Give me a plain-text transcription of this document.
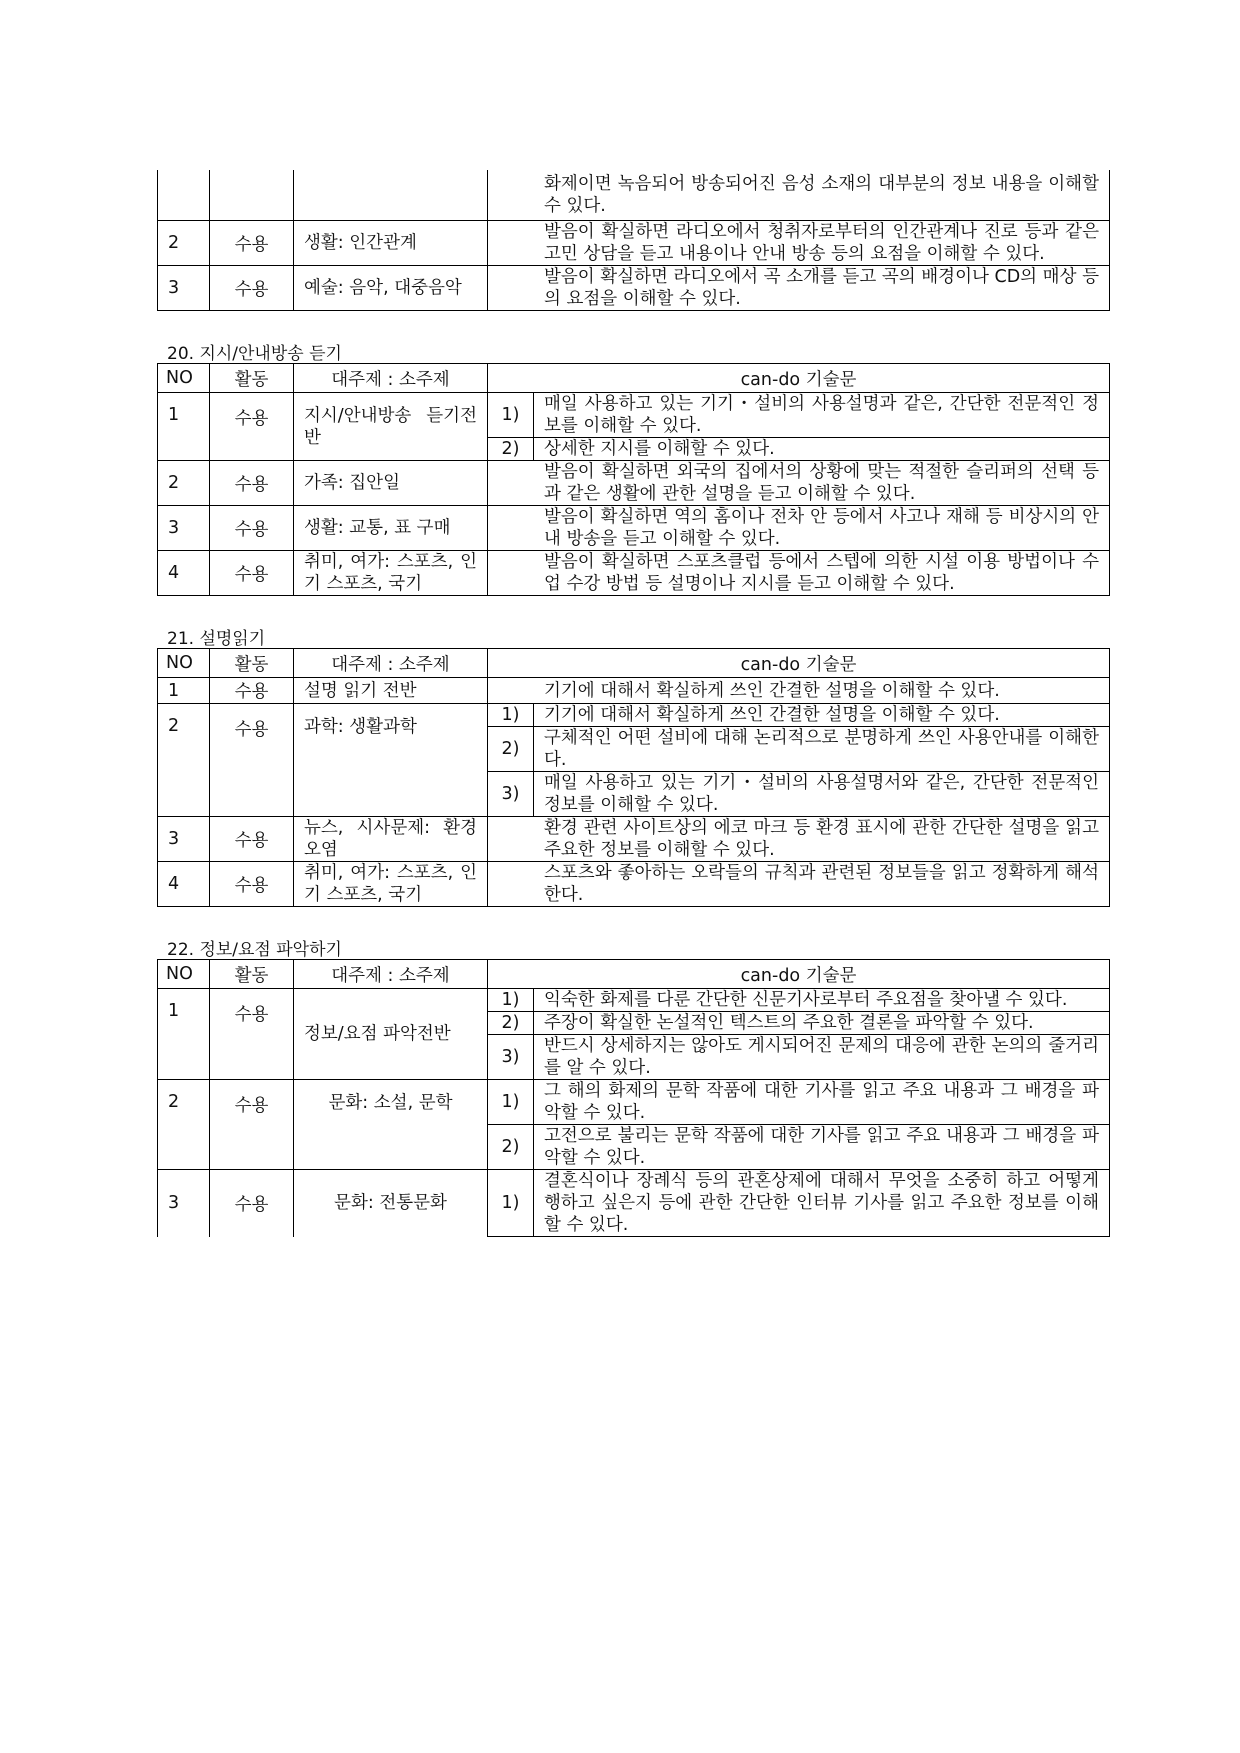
			화제이면 녹음되어 방송되어진 음성 소재의 대부분의 정보 내용을 이해할 수 있다.
2	수용	생활: 인간관계	발음이 확실하면 라디오에서 청취자로부터의 인간관계나 진로 등과 같은 고민 상담을 듣고 내용이나 안내 방송 등의 요점을 이해할 수 있다.
3	수용	예술: 음악, 대중음악	발음이 확실하면 라디오에서 곡 소개를 듣고 곡의 배경이나 CD의 매상 등의 요점을 이해할 수 있다.
20. 지시/안내방송 듣기
NO	활동	대주제 : 소주제	can-do 기술문	
1	수용	지시/안내방송 듣기전반	1)	매일 사용하고 있는 기기・설비의 사용설명과 같은, 간단한 전문적인 정보를 이해할 수 있다.
			2)	상세한 지시를 이해할 수 있다.
2	수용	가족: 집안일	발음이 확실하면 외국의 집에서의 상황에 맞는 적절한 슬리퍼의 선택 등과 같은 생활에 관한 설명을 듣고 이해할 수 있다.	
3	수용	생활: 교통, 표 구매	발음이 확실하면 역의 홈이나 전차 안 등에서 사고나 재해 등 비상시의 안내 방송을 듣고 이해할 수 있다.	
4	수용	취미, 여가: 스포츠, 인기 스포츠, 국기	발음이 확실하면 스포츠클럽 등에서 스텝에 의한 시설 이용 방법이나 수업 수강 방법 등 설명이나 지시를 듣고 이해할 수 있다.	
21. 설명읽기
NO	활동	대주제 : 소주제	can-do 기술문	
1	수용	설명 읽기 전반	기기에 대해서 확실하게 쓰인 간결한 설명을 이해할 수 있다.	
2	수용	과학: 생활과학	1)	기기에 대해서 확실하게 쓰인 간결한 설명을 이해할 수 있다.
			2)	구체적인 어떤 설비에 대해 논리적으로 분명하게 쓰인 사용안내를 이해한다.
			3)	매일 사용하고 있는 기기・설비의 사용설명서와 같은, 간단한 전문적인 정보를 이해할 수 있다.
3	수용	뉴스, 시사문제: 환경오염	환경 관련 사이트상의 에코 마크 등 환경 표시에 관한 간단한 설명을 읽고 주요한 정보를 이해할 수 있다.	
4	수용	취미, 여가: 스포츠, 인기 스포츠, 국기	스포츠와 좋아하는 오락들의 규칙과 관련된 정보들을 읽고 정확하게 해석한다.	
22. 정보/요점 파악하기
NO	활동	대주제 : 소주제	can-do 기술문	
1	수용	정보/요점 파악전반	1)	익숙한 화제를 다룬 간단한 신문기사로부터 주요점을 찾아낼 수 있다.
			2)	주장이 확실한 논설적인 텍스트의 주요한 결론을 파악할 수 있다.
			3)	반드시 상세하지는 않아도 게시되어진 문제의 대응에 관한 논의의 줄거리를 알 수 있다.
2	수용	문화: 소설, 문학	1)	그 해의 화제의 문학 작품에 대한 기사를 읽고 주요 내용과 그 배경을 파악할 수 있다.
			2)	고전으로 불리는 문학 작품에 대한 기사를 읽고 주요 내용과 그 배경을 파악할 수 있다.
3	수용	문화: 전통문화	1)	결혼식이나 장례식 등의 관혼상제에 대해서 무엇을 소중히 하고 어떻게 행하고 싶은지 등에 관한 간단한 인터뷰 기사를 읽고 주요한 정보를 이해할 수 있다.
